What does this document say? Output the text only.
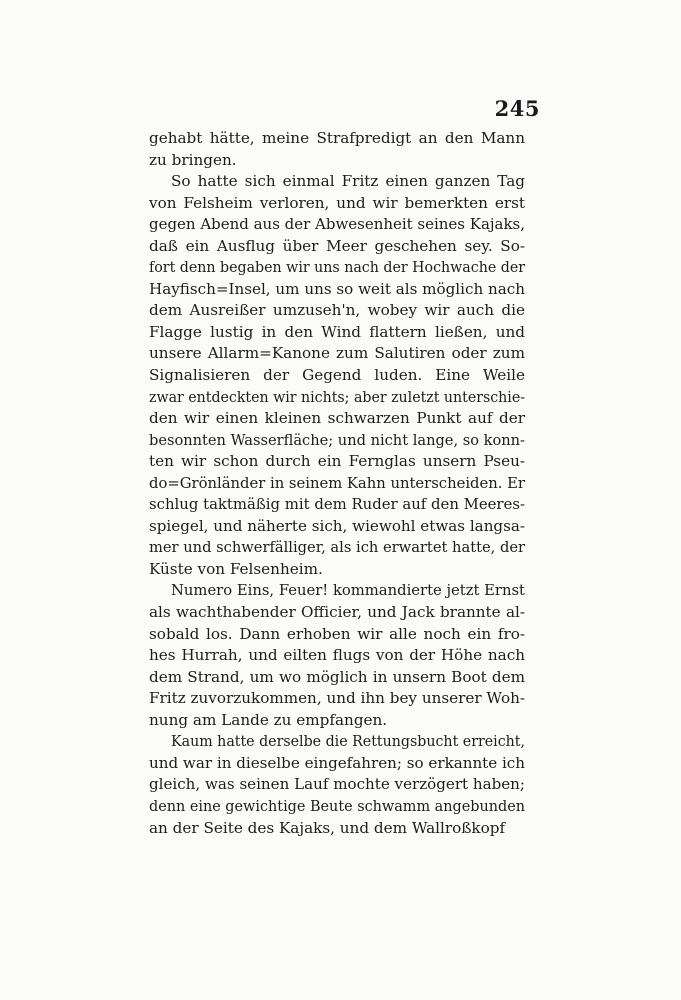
245
gehabt hätte, meine Strafpredigt an den Mann
zu bringen.
So hatte sich einmal Fritz einen ganzen Tag
von Felsheim verloren, und wir bemerkten erst
gegen Abend aus der Abwesenheit seines Kajaks,
daß ein Ausflug über Meer geschehen sey. So-
fort denn begaben wir uns nach der Hochwache der
Hayfisch=Insel, um uns so weit als möglich nach
dem Ausreißer umzuseh'n, wobey wir auch die
Flagge lustig in den Wind flattern ließen, und
unsere Allarm=Kanone zum Salutiren oder zum
Signalisieren der Gegend luden. Eine Weile
zwar entdeckten wir nichts; aber zuletzt unterschie-
den wir einen kleinen schwarzen Punkt auf der
besonnten Wasserfläche; und nicht lange, so konn-
ten wir schon durch ein Fernglas unsern Pseu-
do=Grönländer in seinem Kahn unterscheiden. Er
schlug taktmäßig mit dem Ruder auf den Meeres-
spiegel, und näherte sich, wiewohl etwas langsa-
mer und schwerfälliger, als ich erwartet hatte, der
Küste von Felsenheim.
Numero Eins, Feuer! kommandierte jetzt Ernst
als wachthabender Officier, und Jack brannte al-
sobald los. Dann erhoben wir alle noch ein fro-
hes Hurrah, und eilten flugs von der Höhe nach
dem Strand, um wo möglich in unsern Boot dem
Fritz zuvorzukommen, und ihn bey unserer Woh-
nung am Lande zu empfangen.
Kaum hatte derselbe die Rettungsbucht erreicht,
und war in dieselbe eingefahren; so erkannte ich
gleich, was seinen Lauf mochte verzögert haben;
denn eine gewichtige Beute schwamm angebunden
an der Seite des Kajaks, und dem Wallroßkopf
